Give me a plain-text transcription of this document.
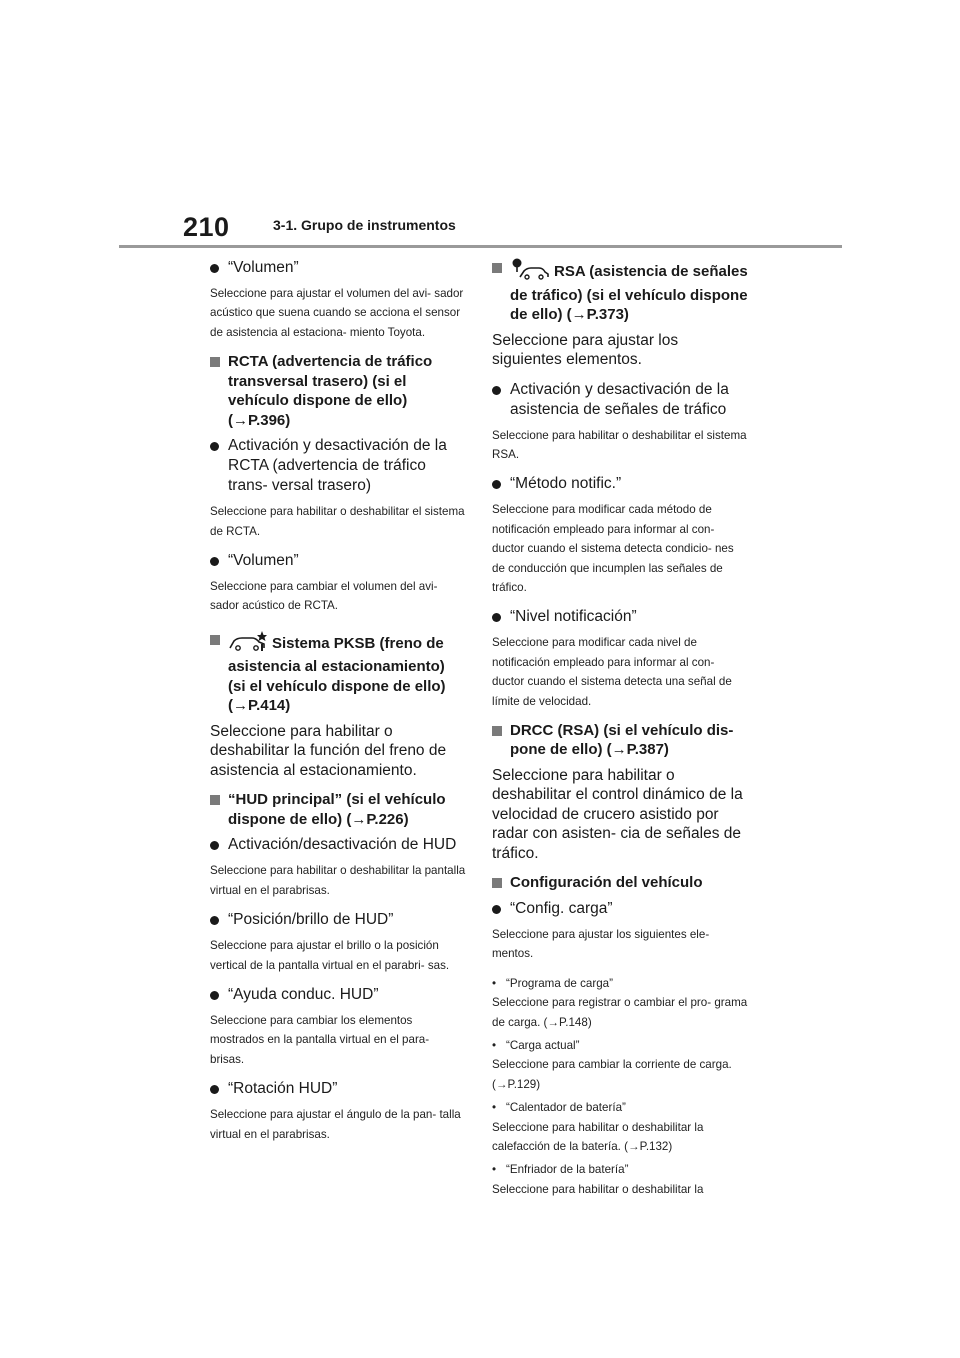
210	3-1. Grupo de instrumentos
“Volumen”
Seleccione para ajustar el volumen del avi- sador acústico que suena cuando se acciona el sensor de asistencia al estaciona- miento Toyota.
RCTA (advertencia de tráfico transversal trasero) (si el vehículo dispone de ello) (→P.396)
Activación y desactivación de la RCTA (advertencia de tráfico trans- versal trasero)
Seleccione para habilitar o deshabilitar el sistema de RCTA.
“Volumen”
Seleccione para cambiar el volumen del avi- sador acústico de RCTA.
Sistema PKSB (freno de asistencia al estacionamiento) (si el vehículo dispone de ello) (→P.414)
Seleccione para habilitar o deshabilitar la función del freno de asistencia al estacionamiento.
“HUD principal” (si el vehículo dispone de ello) (→P.226)
Activación/desactivación de HUD
Seleccione para habilitar o deshabilitar la pantalla virtual en el parabrisas.
“Posición/brillo de HUD”
Seleccione para ajustar el brillo o la posición vertical de la pantalla virtual en el parabri- sas.
“Ayuda conduc. HUD”
Seleccione para cambiar los elementos mostrados en la pantalla virtual en el para- brisas.
“Rotación HUD”
Seleccione para ajustar el ángulo de la pan- talla virtual en el parabrisas.
RSA (asistencia de señales de tráfico) (si el vehículo dispone de ello) (→P.373)
Seleccione para ajustar los siguientes elementos.
Activación y desactivación de la asistencia de señales de tráfico
Seleccione para habilitar o deshabilitar el sistema RSA.
“Método notific.”
Seleccione para modificar cada método de notificación empleado para informar al con- ductor cuando el sistema detecta condicio- nes de conducción que incumplen las señales de tráfico.
“Nivel notificación”
Seleccione para modificar cada nivel de notificación empleado para informar al con- ductor cuando el sistema detecta una señal de límite de velocidad.
DRCC (RSA) (si el vehículo dis- pone de ello) (→P.387)
Seleccione para habilitar o deshabilitar el control dinámico de la velocidad de crucero asistido por radar con asisten- cia de señales de tráfico.
Configuración del vehículo
“Config. carga”
Seleccione para ajustar los siguientes ele- mentos.
• “Programa de carga”
Seleccione para registrar o cambiar el pro- grama de carga. (→P.148)
• “Carga actual”
Seleccione para cambiar la corriente de carga. (→P.129)
• “Calentador de batería”
Seleccione para habilitar o deshabilitar la calefacción de la batería. (→P.132)
• “Enfriador de la batería”
Seleccione para habilitar o deshabilitar la
